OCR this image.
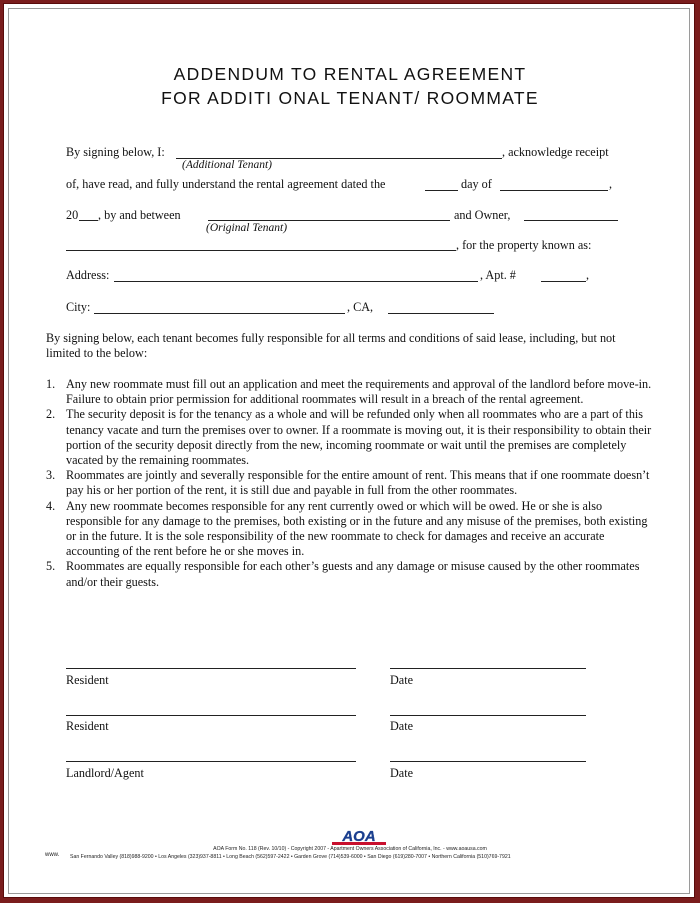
ADDENDUM TO RENTAL AGREEMENT
FOR ADDITI ONAL TENANT/ ROOMMATE
By signing below, I:	, acknowledge receipt
(Additional Tenant)
of, have read, and fully understand the rental agreement dated the	day of	,
20 , by and between	and Owner,
(Original Tenant)
, for the property known as:
Address:	, Apt. #	,
City:	, CA,
By signing below, each tenant becomes fully responsible for all terms and conditions of said lease, including, but not limited to the below:
1. Any new roommate must fill out an application and meet the requirements and approval of the landlord before move-in. Failure to obtain prior permission for additional roommates will result in a breach of the rental agreement.
2. The security deposit is for the tenancy as a whole and will be refunded only when all roommates who are a part of this tenancy vacate and turn the premises over to owner. If a roommate is moving out, it is their responsibility to obtain their portion of the security deposit directly from the new, incoming roommate or wait until the premises are completely vacated by the remaining roommates.
3. Roommates are jointly and severally responsible for the entire amount of rent. This means that if one roommate doesn’t pay his or her portion of the rent, it is still due and payable in full from the other roommates.
4. Any new roommate becomes responsible for any rent currently owed or which will be owed. He or she is also responsible for any damage to the premises, both existing or in the future and any misuse of the premises, both existing or in the future. It is the sole responsibility of the new roommate to check for damages and receive an accurate accounting of the rent before he or she moves in.
5. Roommates are equally responsible for each other’s guests and any damage or misuse caused by the other roommates and/or their guests.
Resident	Date
Resident	Date
Landlord/Agent	Date
AOA
AOA Form No. 118 (Rev. 10/10) - Copyright 2007 - Apartment Owners Association of California, Inc. - www.aoausa.com
www. San Fernando Valley (818)988-9200 • Los Angeles (323)937-8811 • Long Beach (562)597-2422 • Garden Grove (714)539-6000 • San Diego (619)280-7007 • Northern California (510)769-7921
